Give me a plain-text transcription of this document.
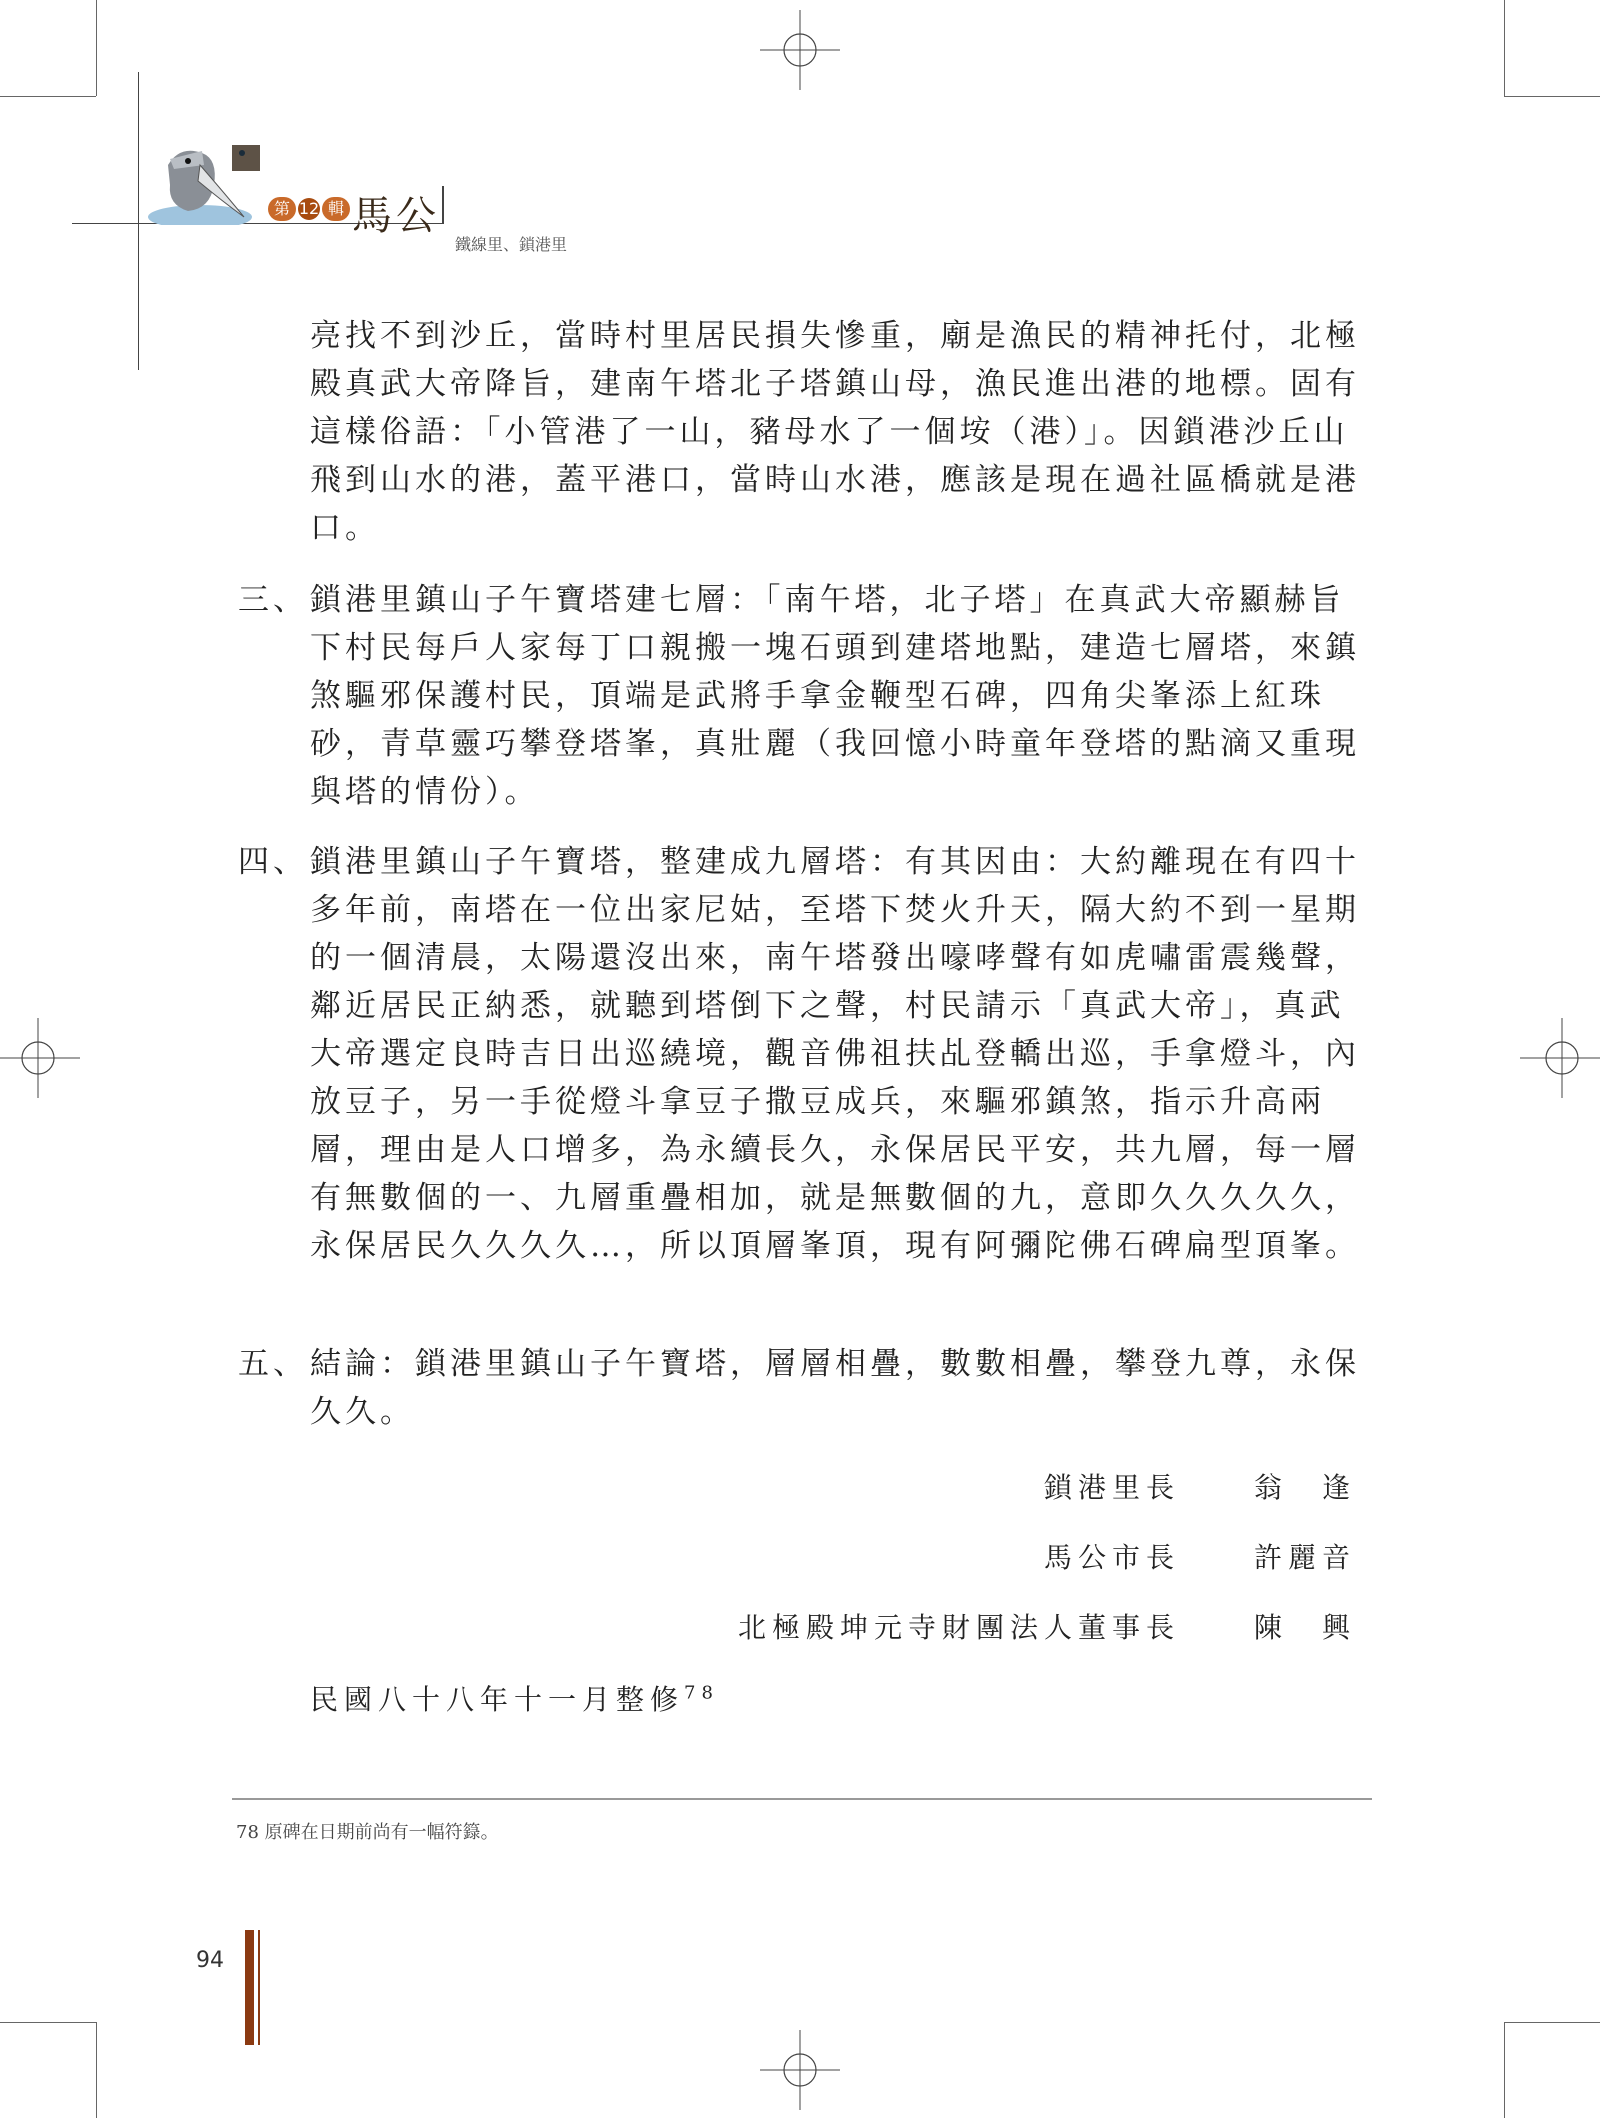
第 12 輯 馬公
鐵線里、鎖港里
亮找不到沙丘，當時村里居民損失慘重，廟是漁民的精神托付，北極殿真武大帝降旨，建南午塔北子塔鎮山母，漁民進出港的地標。固有這樣俗語：「小管港了一山，豬母水了一個垵（港）」。因鎖港沙丘山飛到山水的港，蓋平港口，當時山水港，應該是現在過社區橋就是港口。
三、 鎖港里鎮山子午寶塔建七層：「南午塔，北子塔」在真武大帝顯赫旨下村民每戶人家每丁口親搬一塊石頭到建塔地點，建造七層塔，來鎮煞驅邪保護村民，頂端是武將手拿金鞭型石碑，四角尖峯添上紅珠砂，青草靈巧攀登塔峯，真壯麗（我回憶小時童年登塔的點滴又重現與塔的情份）。
四、 鎖港里鎮山子午寶塔，整建成九層塔：有其因由：大約離現在有四十多年前，南塔在一位出家尼姑，至塔下焚火升天，隔大約不到一星期的一個清晨，太陽還沒出來，南午塔發出嚎哮聲有如虎嘯雷震幾聲，鄰近居民正納悉，就聽到塔倒下之聲，村民請示「真武大帝」，真武大帝選定良時吉日出巡繞境，觀音佛祖扶乩登轎出巡，手拿燈斗，內放豆子，另一手從燈斗拿豆子撒豆成兵，來驅邪鎮煞，指示升高兩層，理由是人口增多，為永續長久，永保居民平安，共九層，每一層有無數個的一、九層重疊相加，就是無數個的九，意即久久久久久，永保居民久久久久…，所以頂層峯頂，現有阿彌陀佛石碑扁型頂峯。
五、 結論：鎖港里鎮山子午寶塔，層層相疊，數數相疊，攀登九尊，永保久久。
鎖港里長	翁　逢
馬公市長	許麗音
北極殿坤元寺財團法人董事長	陳　興
民國八十八年十一月整修$^{78}$
78 原碑在日期前尚有一幅符籙。
94
